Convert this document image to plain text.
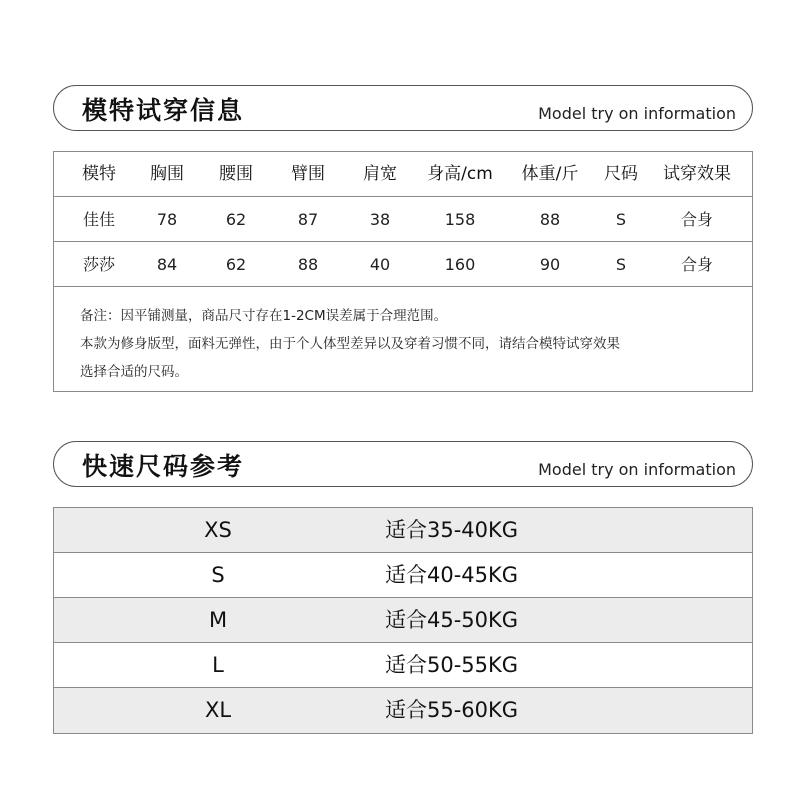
模特试穿信息	Model try on information
模特 胸围 腰围 臂围 肩宽 身高/cm 体重/斤 尺码 试穿效果
佳佳	78	62	87	38	158	88	S	合身
莎莎	84	62	88	40	160	90	S	合身
备注：因平铺测量，商品尺寸存在1-2CM误差属于合理范围。
本款为修身版型，面料无弹性，由于个人体型差异以及穿着习惯不同，请结合模特试穿效果
选择合适的尺码。
快速尺码参考	Model try on information
XS	适合35-40KG
S	适合40-45KG
M	适合45-50KG
L	适合50-55KG
XL	适合55-60KG
